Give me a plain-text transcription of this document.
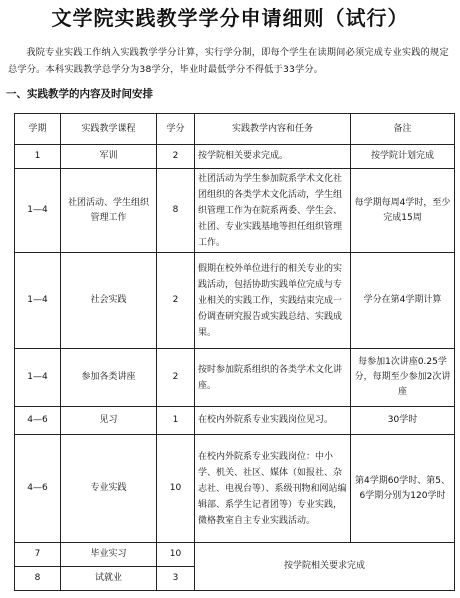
文学院实践教学学分申请细则（试行）
我院专业实践工作纳入实践教学学分计算，实行学分制，即每个学生在读期间必须完成专业实践的规定总学分。本科实践教学总学分为38学分，毕业时最低学分不得低于33学分。
一、实践教学的内容及时间安排
学期	实践教学课程	学分	实践教学内容和任务	备注
1	军训	2	按学院相关要求完成。	按学院计划完成
1—4	社团活动、学生组织管理工作	8	社团活动为学生参加院系学术文化社团组织的各类学术文化活动，学生组织管理工作为在院系两委、学生会、社团、专业实践基地等担任组织管理工作。	每学期每周4学时，至少完成15周
1—4	社会实践	2	假期在校外单位进行的相关专业的实践活动，包括协助实践单位完成与专业相关的实践工作，实践结束完成一份调查研究报告或实践总结、实践成果。	学分在第4学期计算
1—4	参加各类讲座	2	按时参加院系组织的各类学术文化讲座。	每参加1次讲座0.25学分，每期至少参加2次讲座
4—6	见习	1	在校内外院系专业实践岗位见习。	30学时
4—6	专业实践	10	在校内外院系专业实践岗位：中小学、机关、社区、媒体（如报社、杂志社、电视台等）、系级刊物和网站编辑部、系学生记者团等）专业实践，微格教室自主专业实践活动。	第4学期60学时、第5、6学期分别为120学时
7	毕业实习	10	按学院相关要求完成	
8	试就业	3		
